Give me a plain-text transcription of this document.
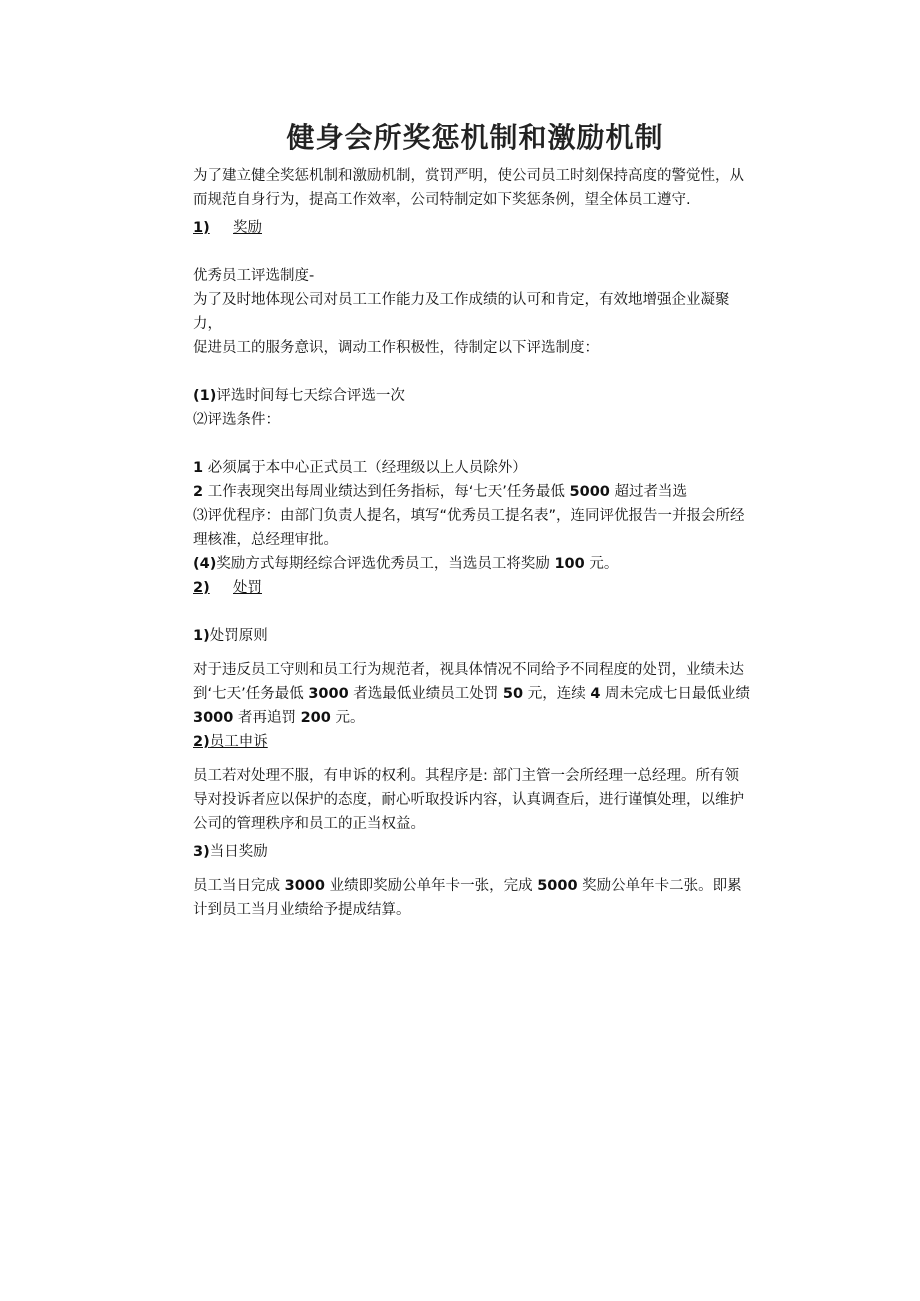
健身会所奖惩机制和激励机制

为了建立健全奖惩机制和激励机制，赏罚严明，使公司员工时刻保持高度的警觉性，从而规范自身行为，提高工作效率，公司特制定如下奖惩条例，望全体员工遵守.

1) 奖励

优秀员工评选制度-

为了及时地体现公司对员工工作能力及工作成绩的认可和肯定，有效地增强企业凝聚力，

促进员工的服务意识，调动工作积极性，待制定以下评选制度：

(1)评选时间每七天综合评选一次

⑵评选条件：

1 必须属于本中心正式员工（经理级以上人员除外）

2 工作表现突出每周业绩达到任务指标，每‘七天’任务最低 5000 超过者当选

⑶评优程序：由部门负责人提名，填写“优秀员工提名表”，连同评优报告一并报会所经理核准，总经理审批。

(4)奖励方式每期经综合评选优秀员工，当选员工将奖励 100 元。

2) 处罚

1)处罚原则

对于违反员工守则和员工行为规范者，视具体情况不同给予不同程度的处罚，业绩未达到‘七天’任务最低 3000 者选最低业绩员工处罚 50 元，连续 4 周未完成七日最低业绩 3000 者再追罚 200 元。

2)员工申诉

员工若对处理不服，有申诉的权利。其程序是: 部门主管一会所经理一总经理。所有领导对投诉者应以保护的态度，耐心听取投诉内容，认真调查后，进行谨慎处理，以维护公司的管理秩序和员工的正当权益。

3)当日奖励

员工当日完成 3000 业绩即奖励公单年卡一张，完成 5000 奖励公单年卡二张。即累计到员工当月业绩给予提成结算。
